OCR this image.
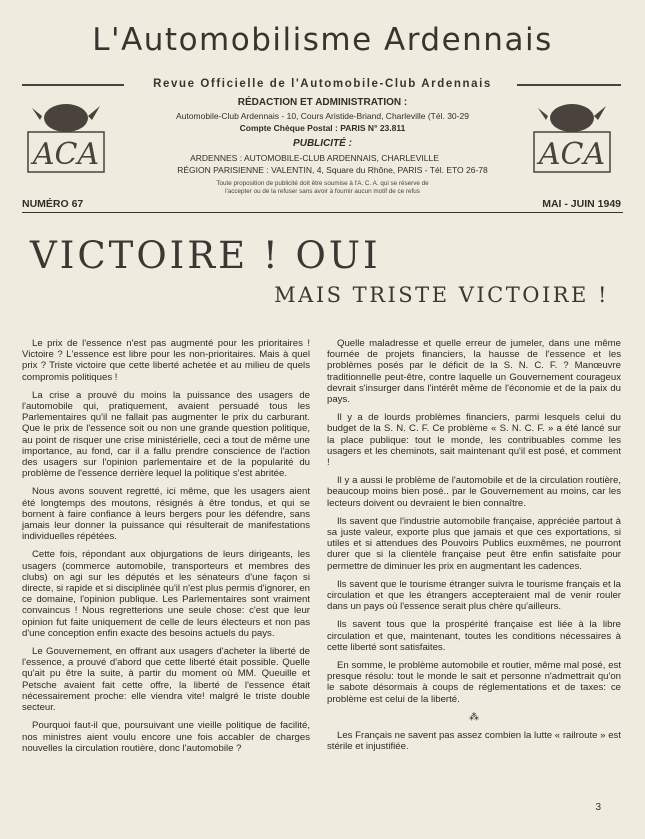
L'Automobilisme Ardennais
Revue Officielle de l'Automobile-Club Ardennais
ACA	ACA
RÉDACTION ET ADMINISTRATION :
Automobile-Club Ardennais - 10, Cours Aristide-Briand, Charleville (Tél. 30-29
Compte Chèque Postal : PARIS N° 23.811
PUBLICITÉ :
ARDENNES : AUTOMOBILE-CLUB ARDENNAIS, CHARLEVILLE
RÉGION PARISIENNE : VALENTIN, 4, Square du Rhône, PARIS - Tél. ETO 26-78
Toute proposition de publicité doit être soumise à l'A. C. A. qui se réserve de
l'accepter ou de la refuser sans avoir à fournir aucun motif de ce refus
NUMÉRO 67	MAI - JUIN 1949
VICTOIRE ! OUI
MAIS TRISTE VICTOIRE !

Le prix de l'essence n'est pas augmenté pour les prioritaires ! Victoire ? L'essence est libre pour les non-prioritaires. Mais à quel prix ? Triste victoire que cette liberté achetée et au milieu de quels compromis politiques !

La crise a prouvé du moins la puissance des usagers de l'automobile qui, pratiquement, avaient persuadé tous les Parlementaires qu'il ne fallait pas augmenter le prix du carburant. Que le prix de l'essence soit ou non une grande question politique, au point de risquer une crise ministérielle, ceci a tout de même une importance, au fond, car il a fallu prendre conscience de l'action des usagers sur l'opinion parlementaire et de la popularité du problème de l'essence derrière lequel la politique s'est abritée.

Nous avons souvent regretté, ici même, que les usagers aient été longtemps des moutons, résignés à être tondus, et qui se bornent à faire confiance à leurs bergers pour les défendre, sans jamais leur donner la puissance qui résulterait de manifestations individuelles répétées.

Cette fois, répondant aux objurgations de leurs dirigeants, les usagers (commerce automobile, transporteurs et membres des clubs) on agi sur les députés et les sénateurs d'une façon si directe, si rapide et si disciplinée qu'il n'est plus permis d'ignorer, en ce domaine, l'opinion publique. Les Parlementaires sont vraiment convaincus ! Nous regretterions une seule chose: c'est que leur opinion fut faite uniquement de celle de leurs électeurs et non pas d'une conception enfin exacte des besoins actuels du pays.

Le Gouvernement, en offrant aux usagers d'acheter la liberté de l'essence, a prouvé d'abord que cette liberté était possible. Quelle qu'ait pu être la suite, à partir du moment où MM. Queuille et Petsche avaient fait cette offre, la liberté de l'essence était nécessairement proche: elle viendra vite! malgré le triste double secteur.

Pourquoi faut-il que, poursuivant une vieille politique de facilité, nos ministres aient voulu encore une fois accabler de charges nouvelles la circulation routière, donc l'automobile ?

Quelle maladresse et quelle erreur de jumeler, dans une même fournée de projets financiers, la hausse de l'essence et les problèmes posés par le déficit de la S. N. C. F. ? Manœuvre traditionnelle peut-être, contre laquelle un Gouvernement courageux devrait s'insurger dans l'intérêt même de l'économie et de la paix du pays.

Il y a de lourds problèmes financiers, parmi lesquels celui du budget de la S. N. C. F. Ce problème « S. N. C. F. » a été lancé sur la place publique: tout le monde, les contribuables comme les usagers et les cheminots, sait maintenant qu'il est posé, et comment !

Il y a aussi le problème de l'automobile et de la circulation routière, beaucoup moins bien posé.. par le Gouvernement au moins, car les lecteurs doivent ou devraient le bien connaître.

Ils savent que l'industrie automobile française, appréciée partout à sa juste valeur, exporte plus que jamais et que ces exportations, si utiles et si attendues des Pouvoirs Publics euxmêmes, ne pourront durer que si la clientèle française peut être enfin satisfaite pour permettre de diminuer les prix en augmentant les cadences.

Ils savent que le tourisme étranger suivra le tourisme français et la circulation et que les étrangers accepteraient mal de venir rouler dans un pays où l'essence serait plus chère qu'ailleurs.

Ils savent tous que la prospérité française est liée à la libre circulation et que, maintenant, toutes les conditions nécessaires à cette liberté sont satisfaites.

En somme, le problème automobile et routier, même mal posé, est presque résolu: tout le monde le sait et personne n'admettrait qu'on le sabote désormais à coups de réglementations et de taxes: ce problème est celui de la liberté.

⁂

Les Français ne savent pas assez combien la lutte « railroute » est stérile et injustifiée.

3
